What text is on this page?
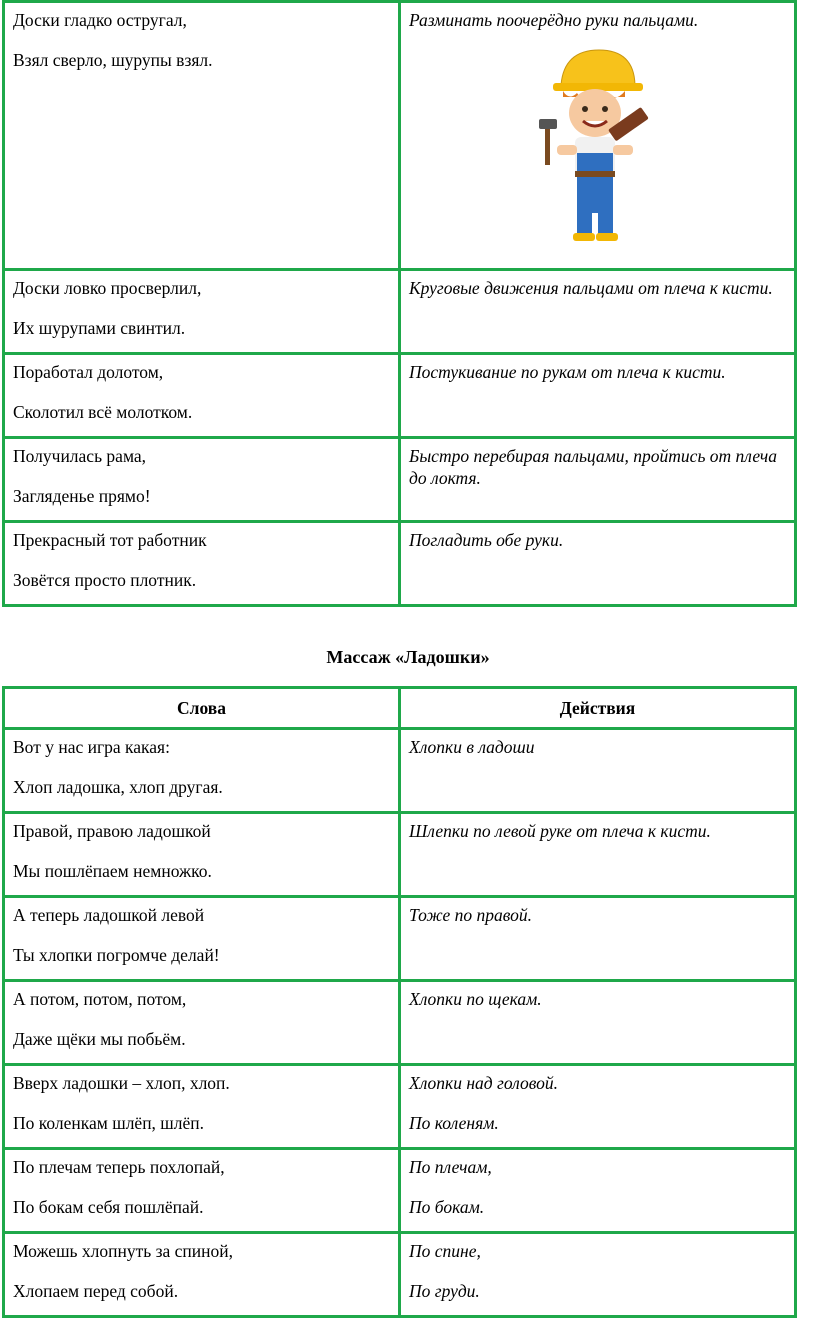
Доски гладко остругал,
Взял сверло, шурупы взял.	Разминать поочерёдно руки пальцами.

Доски ловко просверлил,
Их шурупами свинтил.	Круговые движения пальцами от плеча к кисти.

Поработал долотом,
Сколотил всё молотком.	Постукивание по рукам от плеча к кисти.

Получилась рама,
Загляденье прямо!	Быстро перебирая пальцами, пройтись от плеча до локтя.

Прекрасный тот работник
Зовётся просто плотник.	Погладить обе руки.
Массаж «Ладошки»
Слова	Действия

Вот у нас игра какая:
Хлоп ладошка, хлоп другая.	Хлопки в ладоши

Правой, правою ладошкой
Мы пошлёпаем немножко.	Шлепки по левой руке от плеча к кисти.

А теперь ладошкой левой
Ты хлопки погромче делай!	Тоже по правой.

А потом, потом, потом,
Даже щёки мы побьём.	Хлопки по щекам.

Вверх ладошки – хлоп, хлоп.
По коленкам шлёп, шлёп.	Хлопки над головой.
По коленям.

По плечам теперь похлопай,
По бокам себя пошлёпай.	По плечам,
По бокам.

Можешь хлопнуть за спиной,
Хлопаем перед собой.	По спине,
По груди.
